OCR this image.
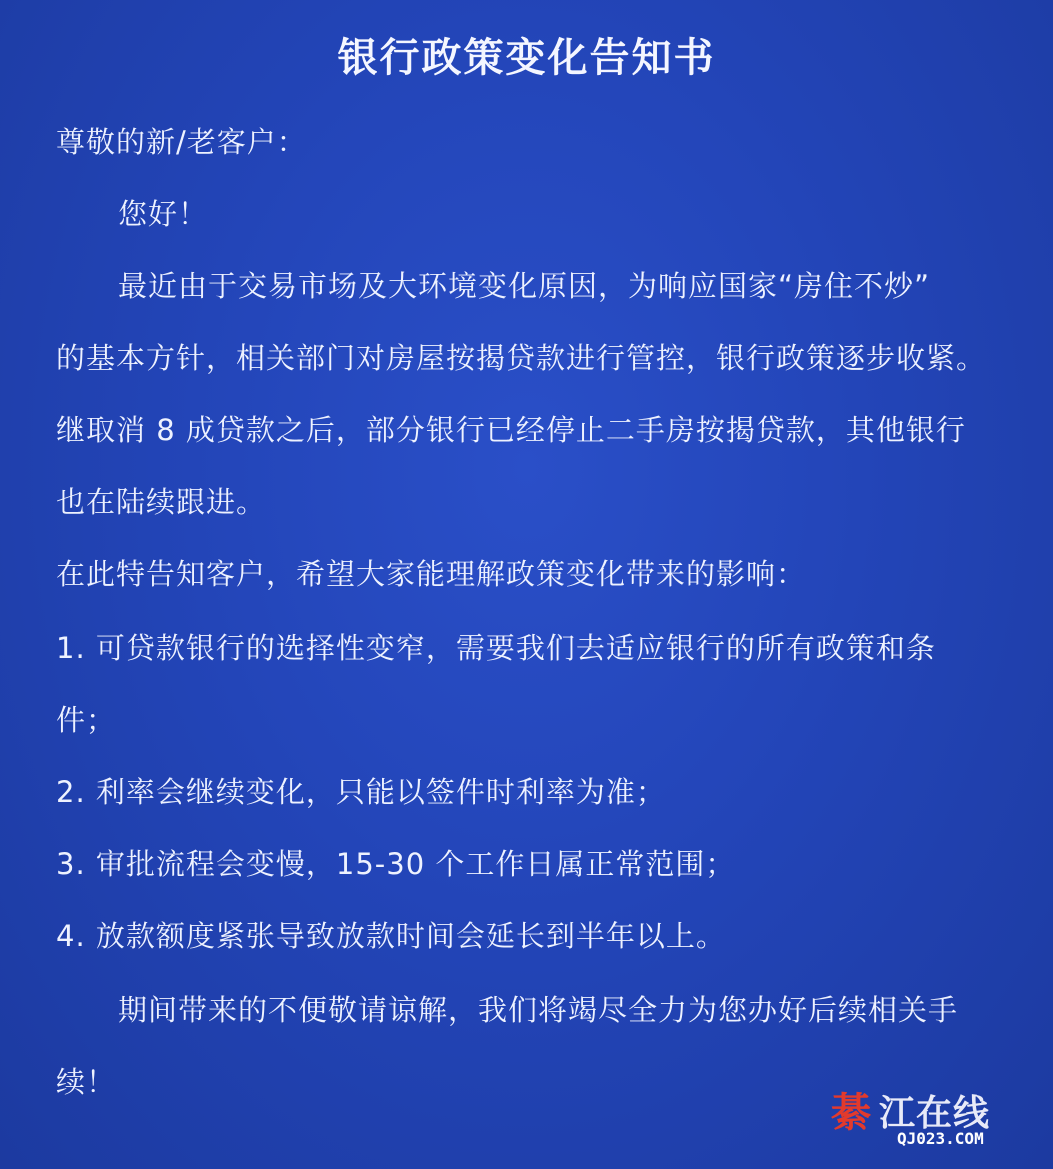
银行政策变化告知书
尊敬的新/老客户：
您好！
最近由于交易市场及大环境变化原因，为响应国家“房住不炒”
的基本方针，相关部门对房屋按揭贷款进行管控，银行政策逐步收紧。
继取消 8 成贷款之后，部分银行已经停止二手房按揭贷款，其他银行
也在陆续跟进。
在此特告知客户，希望大家能理解政策变化带来的影响：
1. 可贷款银行的选择性变窄，需要我们去适应银行的所有政策和条
件；
2. 利率会继续变化，只能以签件时利率为准；
3. 审批流程会变慢，15-30 个工作日属正常范围；
4. 放款额度紧张导致放款时间会延长到半年以上。
期间带来的不便敬请谅解，我们将竭尽全力为您办好后续相关手
续！
綦 江在线
QJ023.COM
